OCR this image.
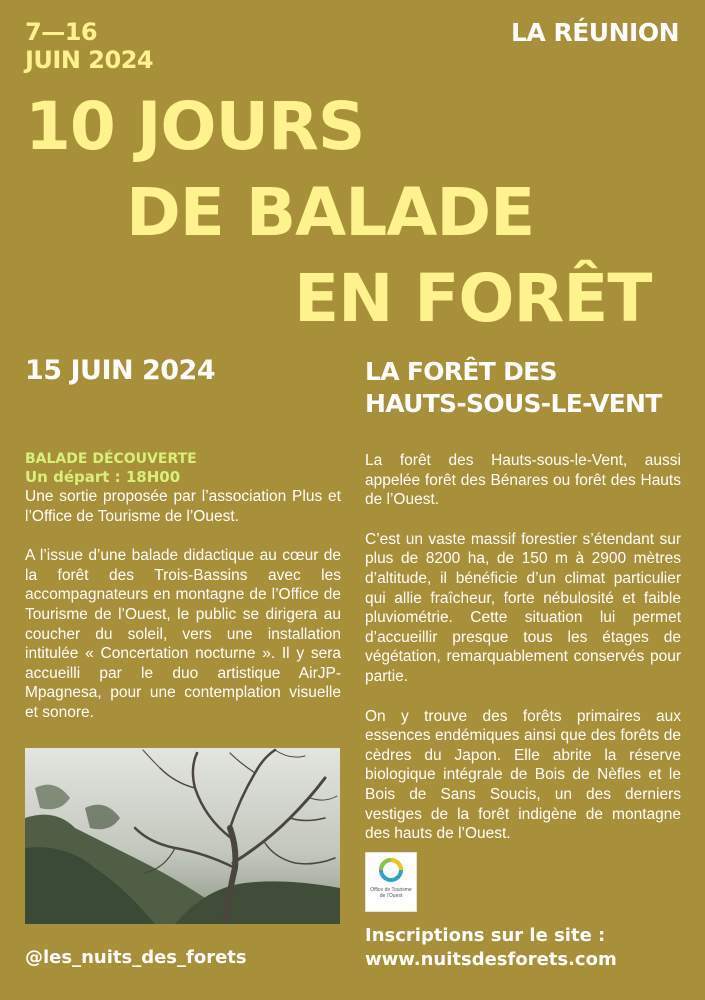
7—16
JUIN 2024
LA RÉUNION
10 JOURS
DE BALADE
EN FORÊT
15 JUIN 2024	LA FORÊT DES
HAUTS-SOUS-LE-VENT
BALADE DÉCOUVERTE
Un départ : 18H00

Une sortie proposée par l’association Plus et l’Office de Tourisme de l’Ouest.

A l’issue d’une balade didactique au cœur de la forêt des Trois-Bassins avec les accompagnateurs en montagne de l’Office de Tourisme de l’Ouest, le public se dirigera au coucher du soleil, vers une installation intitulée « Concertation nocturne ». Il y sera accueilli par le duo artistique AirJP-Mpagnesa, pour une contemplation visuelle et sonore.

La forêt des Hauts-sous-le-Vent, aussi appelée forêt des Bénares ou forêt des Hauts de l’Ouest.

C’est un vaste massif forestier s’étendant sur plus de 8200 ha, de 150 m à 2900 mètres d’altitude, il bénéficie d’un climat particulier qui allie fraîcheur, forte nébulosité et faible pluviométrie. Cette situation lui permet d’accueillir presque tous les étages de végétation, remarquablement conservés pour partie.

On y trouve des forêts primaires aux essences endémiques ainsi que des forêts de cèdres du Japon. Elle abrite la réserve biologique intégrale de Bois de Nèfles et le Bois de Sans Soucis, un des derniers vestiges de la forêt indigène de montagne des hauts de l’Ouest.

Office de Tourisme
de l’Ouest
@les_nuits_des_forets
Inscriptions sur le site :
www.nuitsdesforets.com
